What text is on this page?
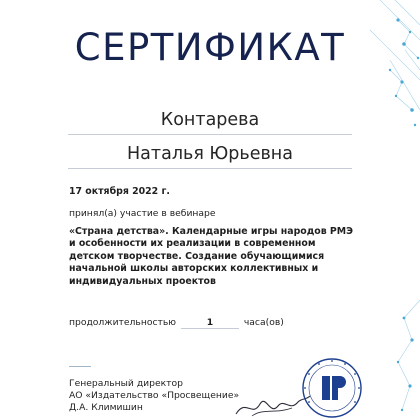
СЕРТИФИКАТ
Контарева
Наталья Юрьевна
17 октября 2022 г.
принял(а) участие в вебинаре
«Страна детства». Календарные игры народов РМЭ и особенности их реализации в современном детском творчестве. Создание обучающимися начальной школы авторских коллективных и индивидуальных проектов
продолжительностью	1	часа(ов)
Генеральный директор
АО «Издательство «Просвещение»
Д.А. Климишин
